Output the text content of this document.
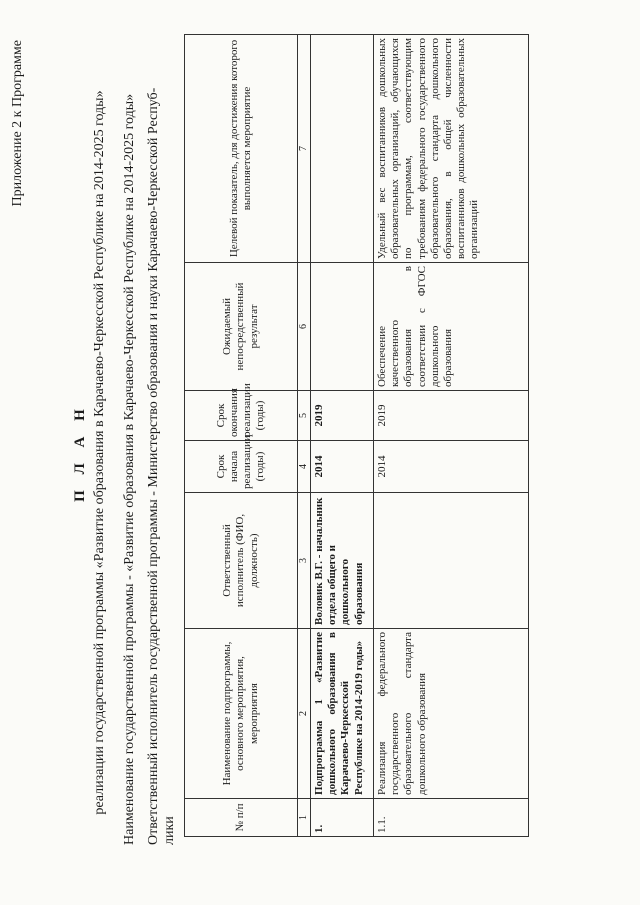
Приложение 2 к Программе
П Л А Н реализации государственной программы «Развитие образования в Карачаево-Черкесской Республике на 2014-2025 годы» Наименование государственной программы - «Развитие образования в Карачаево-Черкесской Республике на 2014-2025 годы» Ответственный исполнитель государственной программы - Министерство образования и науки Карачаево-Черкесской Респуб- лики	№ п/п	Наименование подпрограммы, основного мероприятия, мероприятия	Ответственный исполнитель (ФИО, должность)	Срок начала реализации (годы)	Срок окончания реализации (годы)	Ожидаемый непосредственный результат	Целевой показатель, для достижения которого выполняется мероприятие
1	2	3	4	5	6	7
1.	Подпрограмма 1 «Развитие дошкольного образования в Карачаево-Черкесской Республике на 2014-2019 годы»	Воловик В.Г. - начальник отдела общего и дошкольного образования	2014	2019		
1.1.	Реализация федерального государственного образовательного стандарта дошкольного образования		2014	2019	Обеспечение качественного образования в соответствии с ФГОС дошкольного образования	Удельный вес воспитанников дошкольных образовательных организаций, обучающихся по программам, соответствующим требованиям федерального государственного образовательного стандарта дошкольного образования, в общей численности воспитанников дошкольных образовательных организаций
